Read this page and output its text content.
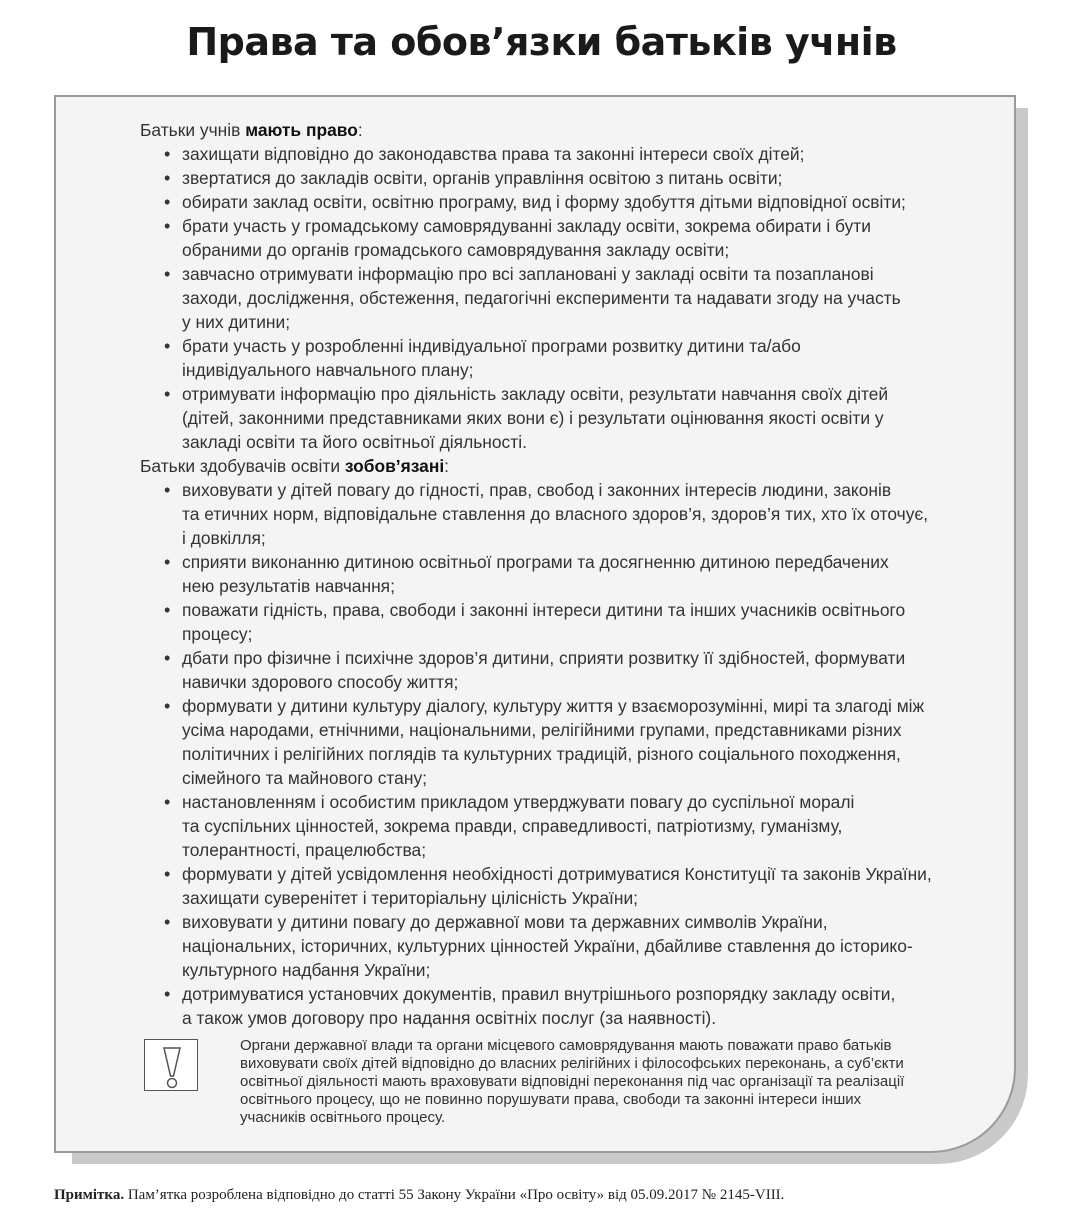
Права та обов’язки батьків учнів

Батьки учнів мають право:

• захищати відповідно до законодавства права та законні інтереси своїх дітей;
• звертатися до закладів освіти, органів управління освітою з питань освіти;
• обирати заклад освіти, освітню програму, вид і форму здобуття дітьми відповідної освіти;
• брати участь у громадському самоврядуванні закладу освіти, зокрема обирати і бути
обраними до органів громадського самоврядування закладу освіти;
• завчасно отримувати інформацію про всі заплановані у закладі освіти та позапланові
заходи, дослідження, обстеження, педагогічні експерименти та надавати згоду на участь
у них дитини;
• брати участь у розробленні індивідуальної програми розвитку дитини та/або
індивідуального навчального плану;
• отримувати інформацію про діяльність закладу освіти, результати навчання своїх дітей
(дітей, законними представниками яких вони є) і результати оцінювання якості освіти у
закладі освіти та його освітньої діяльності.

Батьки здобувачів освіти зобов’язані:

• виховувати у дітей повагу до гідності, прав, свобод і законних інтересів людини, законів
та етичних норм, відповідальне ставлення до власного здоров’я, здоров’я тих, хто їх оточує,
і довкілля;
• сприяти виконанню дитиною освітньої програми та досягненню дитиною передбачених
нею результатів навчання;
• поважати гідність, права, свободи і законні інтереси дитини та інших учасників освітнього
процесу;
• дбати про фізичне і психічне здоров’я дитини, сприяти розвитку її здібностей, формувати
навички здорового способу життя;
• формувати у дитини культуру діалогу, культуру життя у взаєморозумінні, мирі та злагоді між
усіма народами, етнічними, національними, релігійними групами, представниками різних
політичних і релігійних поглядів та культурних традицій, різного соціального походження,
сімейного та майнового стану;
• настановленням і особистим прикладом утверджувати повагу до суспільної моралі
та суспільних цінностей, зокрема правди, справедливості, патріотизму, гуманізму,
толерантності, працелюбства;
• формувати у дітей усвідомлення необхідності дотримуватися Конституції та законів України,
захищати суверенітет і територіальну цілісність України;
• виховувати у дитини повагу до державної мови та державних символів України,
національних, історичних, культурних цінностей України, дбайливе ставлення до історико-
культурного надбання України;
• дотримуватися установчих документів, правил внутрішнього розпорядку закладу освіти,
а також умов договору про надання освітніх послуг (за наявності).
Органи державної влади та органи місцевого самоврядування мають поважати право батьків
виховувати своїх дітей відповідно до власних релігійних і філософських переконань, а суб’єкти
освітньої діяльності мають враховувати відповідні переконання під час організації та реалізації
освітнього процесу, що не повинно порушувати права, свободи та законні інтереси інших
учасників освітнього процесу.
Примітка. Пам’ятка розроблена відповідно до статті 55 Закону України «Про освіту» від 05.09.2017 № 2145-VIII.
